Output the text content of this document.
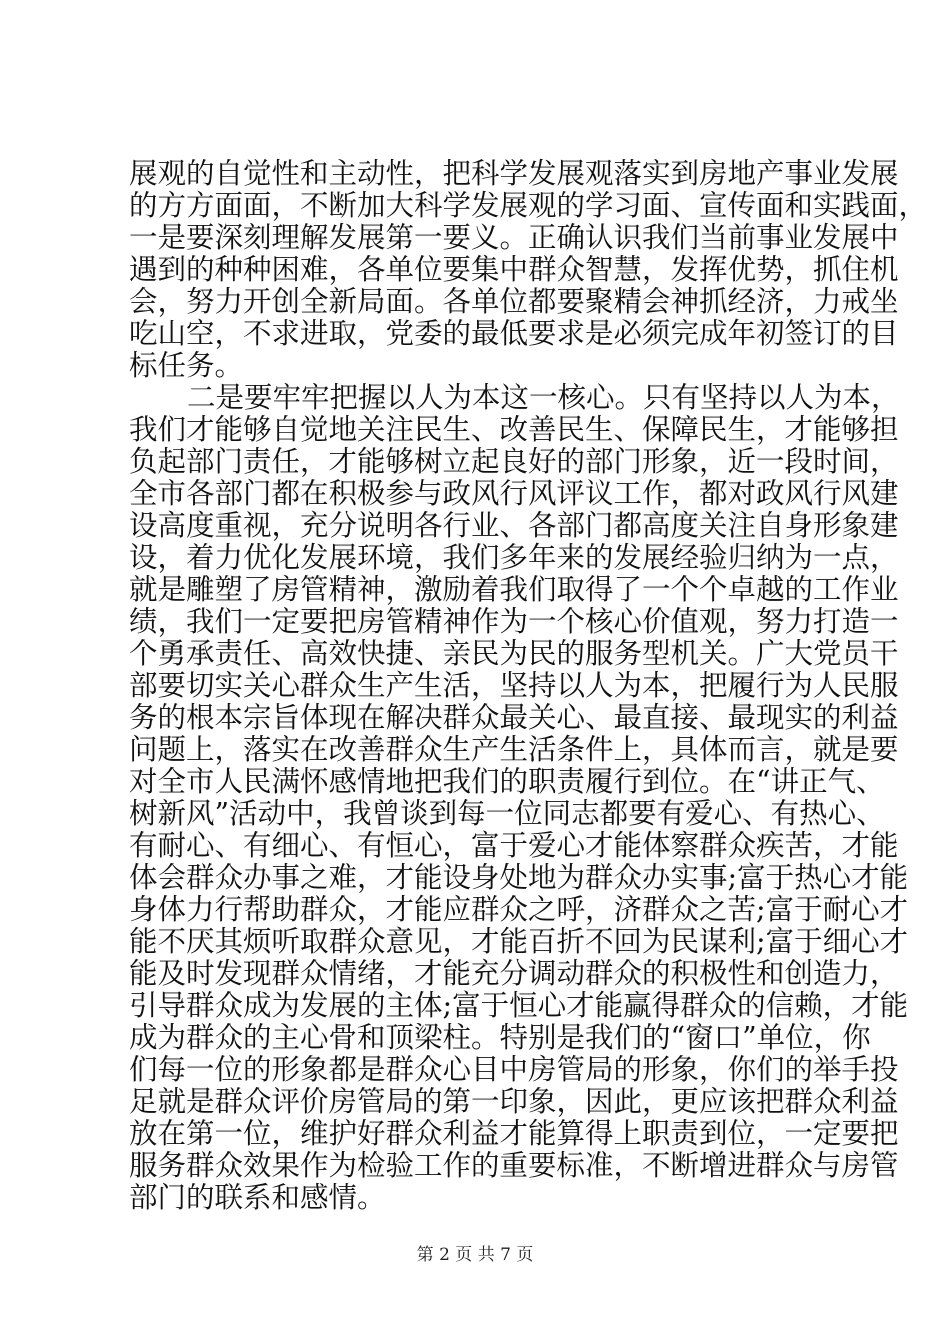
展观的自觉性和主动性，把科学发展观落实到房地产事业发展
的方方面面，不断加大科学发展观的学习面、宣传面和实践面，
一是要深刻理解发展第一要义。正确认识我们当前事业发展中
遇到的种种困难，各单位要集中群众智慧，发挥优势，抓住机
会，努力开创全新局面。各单位都要聚精会神抓经济，力戒坐
吃山空，不求进取，党委的最低要求是必须完成年初签订的目
标任务。
二是要牢牢把握以人为本这一核心。只有坚持以人为本，
我们才能够自觉地关注民生、改善民生、保障民生，才能够担
负起部门责任，才能够树立起良好的部门形象，近一段时间，
全市各部门都在积极参与政风行风评议工作，都对政风行风建
设高度重视，充分说明各行业、各部门都高度关注自身形象建
设，着力优化发展环境，我们多年来的发展经验归纳为一点，
就是雕塑了房管精神，激励着我们取得了一个个卓越的工作业
绩，我们一定要把房管精神作为一个核心价值观，努力打造一
个勇承责任、高效快捷、亲民为民的服务型机关。广大党员干
部要切实关心群众生产生活，坚持以人为本，把履行为人民服
务的根本宗旨体现在解决群众最关心、最直接、最现实的利益
问题上，落实在改善群众生产生活条件上，具体而言，就是要
对全市人民满怀感情地把我们的职责履行到位。在“讲正气、
树新风”活动中，我曾谈到每一位同志都要有爱心、有热心、
有耐心、有细心、有恒心，富于爱心才能体察群众疾苦，才能
体会群众办事之难，才能设身处地为群众办实事;富于热心才能
身体力行帮助群众，才能应群众之呼，济群众之苦;富于耐心才
能不厌其烦听取群众意见，才能百折不回为民谋利;富于细心才
能及时发现群众情绪，才能充分调动群众的积极性和创造力，
引导群众成为发展的主体;富于恒心才能赢得群众的信赖，才能
成为群众的主心骨和顶梁柱。特别是我们的“窗口”单位，你
们每一位的形象都是群众心目中房管局的形象，你们的举手投
足就是群众评价房管局的第一印象，因此，更应该把群众利益
放在第一位，维护好群众利益才能算得上职责到位，一定要把
服务群众效果作为检验工作的重要标准，不断增进群众与房管
部门的联系和感情。
第 2 页 共 7 页
